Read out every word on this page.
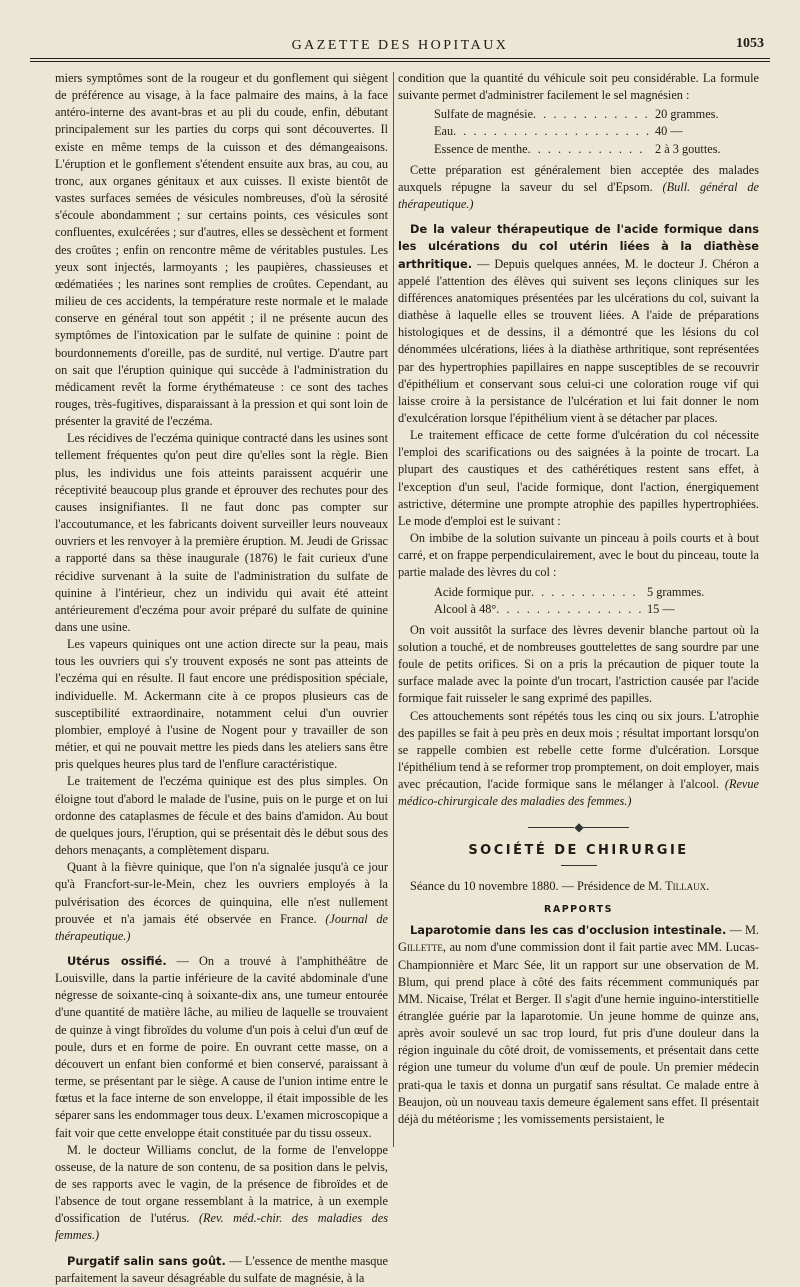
GAZETTE DES HOPITAUX	1053

miers symptômes sont de la rougeur et du gonflement qui siègent de préférence au visage, à la face palmaire des mains, à la face antéro-interne des avant-bras et au pli du coude, enfin, débutant principalement sur les parties du corps qui sont découvertes. Il existe en même temps de la cuisson et des démangeaisons. L'éruption et le gonflement s'étendent ensuite aux bras, au cou, au tronc, aux organes génitaux et aux cuisses. Il existe bientôt de vastes surfaces semées de vésicules nombreuses, d'où la sérosité s'écoule abondamment ; sur certains points, ces vésicules sont confluentes, exulcérées ; sur d'autres, elles se dessèchent et forment des croûtes ; enfin on rencontre même de véritables pustules. Les yeux sont injectés, larmoyants ; les paupières, chassieuses et œdématiées ; les narines sont remplies de croûtes. Cependant, au milieu de ces accidents, la température reste normale et le malade conserve en général tout son appétit ; il ne présente aucun des symptômes de l'intoxication par le sulfate de quinine : point de bourdonnements d'oreille, pas de surdité, nul vertige. D'autre part on sait que l'éruption quinique qui succède à l'administration du médicament revêt la forme érythémateuse : ce sont des taches rouges, très-fugitives, disparaissant à la pression et qui sont loin de présenter la gravité de l'eczéma.

Les récidives de l'eczéma quinique contracté dans les usines sont tellement fréquentes qu'on peut dire qu'elles sont la règle. Bien plus, les individus une fois atteints paraissent acquérir une réceptivité beaucoup plus grande et éprouver des rechutes pour des causes insignifiantes. Il ne faut donc pas compter sur l'accoutumance, et les fabricants doivent surveiller leurs nouveaux ouvriers et les renvoyer à la première éruption. M. Jeudi de Grissac a rapporté dans sa thèse inaugurale (1876) le fait curieux d'une récidive survenant à la suite de l'administration du sulfate de quinine à l'intérieur, chez un individu qui avait été atteint antérieurement d'eczéma pour avoir préparé du sulfate de quinine dans une usine.

Les vapeurs quiniques ont une action directe sur la peau, mais tous les ouvriers qui s'y trouvent exposés ne sont pas atteints de l'eczéma qui en résulte. Il faut encore une prédisposition spéciale, individuelle. M. Ackermann cite à ce propos plusieurs cas de susceptibilité extraordinaire, notamment celui d'un ouvrier plombier, employé à l'usine de Nogent pour y travailler de son métier, et qui ne pouvait mettre les pieds dans les ateliers sans être pris quelques heures plus tard de l'enflure caractéristique.

Le traitement de l'eczéma quinique est des plus simples. On éloigne tout d'abord le malade de l'usine, puis on le purge et on lui ordonne des cataplasmes de fécule et des bains d'amidon. Au bout de quelques jours, l'éruption, qui se présentait dès le début sous des dehors menaçants, a complètement disparu.

Quant à la fièvre quinique, que l'on n'a signalée jusqu'à ce jour qu'à Francfort-sur-le-Mein, chez les ouvriers employés à la pulvérisation des écorces de quinquina, elle n'est nullement prouvée et n'a jamais été observée en France. (Journal de thérapeutique.)

Utérus ossifié. — On a trouvé à l'amphithéâtre de Louisville, dans la partie inférieure de la cavité abdominale d'une négresse de soixante-cinq à soixante-dix ans, une tumeur entourée d'une quantité de matière lâche, au milieu de laquelle se trouvaient de quinze à vingt fibroïdes du volume d'un pois à celui d'un œuf de poule, durs et en forme de poire. En ouvrant cette masse, on a découvert un enfant bien conformé et bien conservé, paraissant à terme, se présentant par le siège. A cause de l'union intime entre le fœtus et la face interne de son enveloppe, il était impossible de les séparer sans les endommager tous deux. L'examen microscopique a fait voir que cette enveloppe était constituée par du tissu osseux.

M. le docteur Williams conclut, de la forme de l'enveloppe osseuse, de la nature de son contenu, de sa position dans le pelvis, de ses rapports avec le vagin, de la présence de fibroïdes et de l'absence de tout organe ressemblant à la matrice, à un exemple d'ossification de l'utérus. (Rev. méd.-chir. des maladies des femmes.)

Purgatif salin sans goût. — L'essence de menthe masque parfaitement la saveur désagréable du sulfate de magnésie, à la

condition que la quantité du véhicule soit peu considérable. La formule suivante permet d'administrer facilement le sel magnésien :

Sulfate de magnésie . . .	20 grammes.
Eau . . .	40 —
Essence de menthe . . .	2 à 3 gouttes.

Cette préparation est généralement bien acceptée des malades auxquels répugne la saveur du sel d'Epsom. (Bull. général de thérapeutique.)

De la valeur thérapeutique de l'acide formique dans les ulcérations du col utérin liées à la diathèse arthritique. — Depuis quelques années, M. le docteur J. Chéron a appelé l'attention des élèves qui suivent ses leçons cliniques sur les différences anatomiques présentées par les ulcérations du col, suivant la diathèse à laquelle elles se trouvent liées. A l'aide de préparations histologiques et de dessins, il a démontré que les lésions du col dénommées ulcérations, liées à la diathèse arthritique, sont représentées par des hypertrophies papillaires en nappe susceptibles de se recouvrir d'épithélium et conservant sous celui-ci une coloration rouge vif qui laisse croire à la persistance de l'ulcération et lui fait donner le nom d'exulcération lorsque l'épithélium vient à se détacher par places.

Le traitement efficace de cette forme d'ulcération du col nécessite l'emploi des scarifications ou des saignées à la pointe de trocart. La plupart des caustiques et des cathérétiques restent sans effet, à l'exception d'un seul, l'acide formique, dont l'action, énergiquement astrictive, détermine une prompte atrophie des papilles hypertrophiées. Le mode d'emploi est le suivant :

On imbibe de la solution suivante un pinceau à poils courts et à bout carré, et on frappe perpendiculairement, avec le bout du pinceau, toute la partie malade des lèvres du col :

Acide formique pur . . .	5 grammes.
Alcool à 48° . . .	15 —

On voit aussitôt la surface des lèvres devenir blanche partout où la solution a touché, et de nombreuses gouttelettes de sang sourdre par une foule de petits orifices. Si on a pris la précaution de piquer toute la surface malade avec la pointe d'un trocart, l'astriction causée par l'acide formique fait ruisseler le sang exprimé des papilles.

Ces attouchements sont répétés tous les cinq ou six jours. L'atrophie des papilles se fait à peu près en deux mois ; résultat important lorsqu'on se rappelle combien est rebelle cette forme d'ulcération. Lorsque l'épithélium tend à se reformer trop promptement, on doit employer, mais avec précaution, l'acide formique sans le mélanger à l'alcool. (Revue médico-chirurgicale des maladies des femmes.)

◆
SOCIÉTÉ DE CHIRURGIE

Séance du 10 novembre 1880. — Présidence de M. Tillaux.

RAPPORTS

Laparotomie dans les cas d'occlusion intestinale. — M. Gillette, au nom d'une commission dont il fait partie avec MM. Lucas-Championnière et Marc Sée, lit un rapport sur une observation de M. Blum, qui prend place à côté des faits récemment communiqués par MM. Nicaise, Trélat et Berger. Il s'agit d'une hernie inguino-interstitielle étranglée guérie par la laparotomie. Un jeune homme de quinze ans, après avoir soulevé un sac trop lourd, fut pris d'une douleur dans la région inguinale du côté droit, de vomissements, et présentait dans cette région une tumeur du volume d'un œuf de poule. Un premier médecin prati-qua le taxis et donna un purgatif sans résultat. Ce malade entre à Beaujon, où un nouveau taxis demeure également sans effet. Il présentait déjà du météorisme ; les vomissements persistaient, le
